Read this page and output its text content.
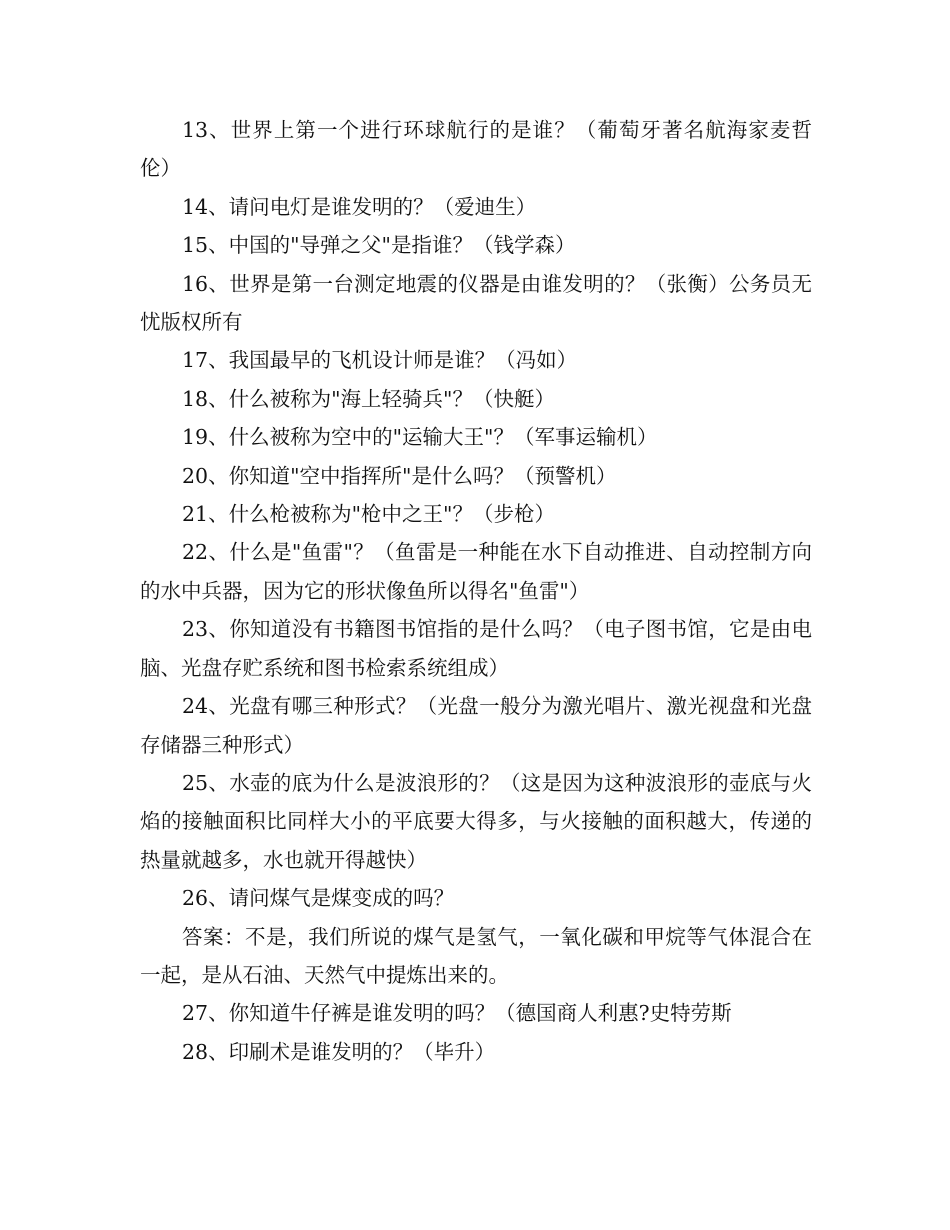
13、世界上第一个进行环球航行的是谁？（葡萄牙著名航海家麦哲伦）

14、请问电灯是谁发明的？（爱迪生）

15、中国的"导弹之父"是指谁？（钱学森）

16、世界是第一台测定地震的仪器是由谁发明的？（张衡）公务员无忧版权所有

17、我国最早的飞机设计师是谁？（冯如）

18、什么被称为"海上轻骑兵"？（快艇）

19、什么被称为空中的"运输大王"？（军事运输机）

20、你知道"空中指挥所"是什么吗？（预警机）

21、什么枪被称为"枪中之王"？（步枪）

22、什么是"鱼雷"？（鱼雷是一种能在水下自动推进、自动控制方向的水中兵器，因为它的形状像鱼所以得名"鱼雷"）

23、你知道没有书籍图书馆指的是什么吗？（电子图书馆，它是由电脑、光盘存贮系统和图书检索系统组成）

24、光盘有哪三种形式？（光盘一般分为激光唱片、激光视盘和光盘存储器三种形式）

25、水壶的底为什么是波浪形的？（这是因为这种波浪形的壶底与火焰的接触面积比同样大小的平底要大得多，与火接触的面积越大，传递的热量就越多，水也就开得越快）

26、请问煤气是煤变成的吗？

答案：不是，我们所说的煤气是氢气，一氧化碳和甲烷等气体混合在一起，是从石油、天然气中提炼出来的。

27、你知道牛仔裤是谁发明的吗？（德国商人利惠?史特劳斯

28、印刷术是谁发明的？（毕升）
